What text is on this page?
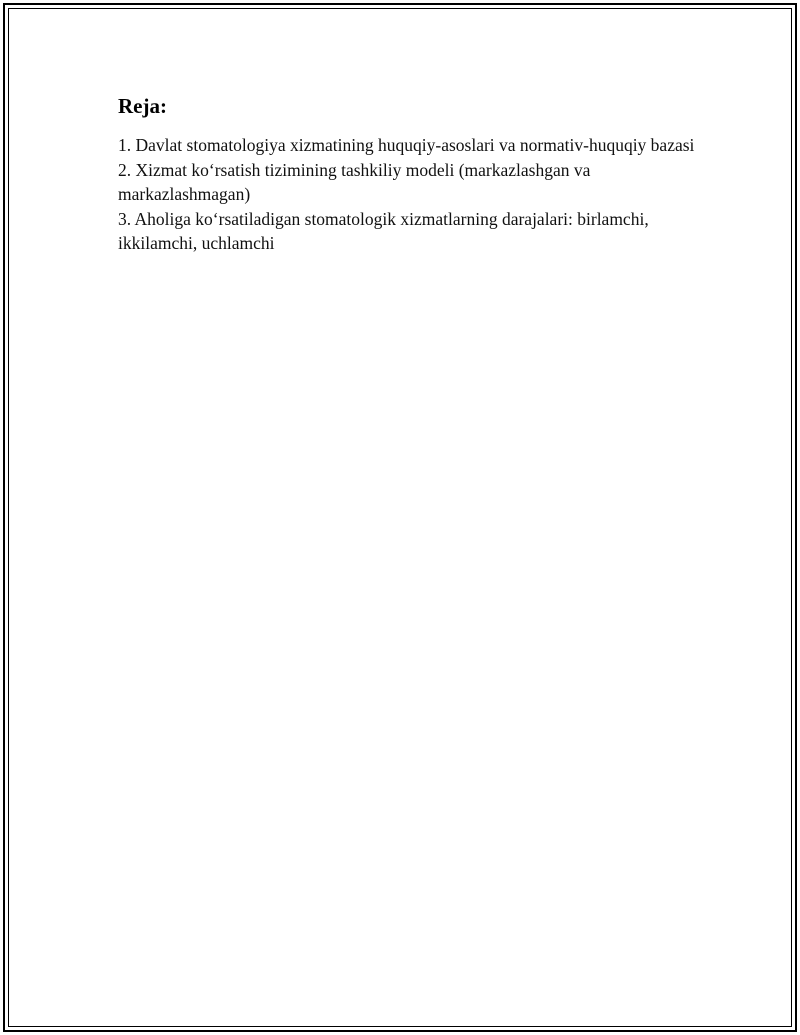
Reja:

1. Davlat stomatologiya xizmatining huquqiy-asoslari va normativ-huquqiy bazasi

2. Xizmat ko‘rsatish tizimining tashkiliy modeli (markazlashgan va markazlashmagan)

3. Aholiga ko‘rsatiladigan stomatologik xizmatlarning darajalari: birlamchi, ikkilamchi, uchlamchi
